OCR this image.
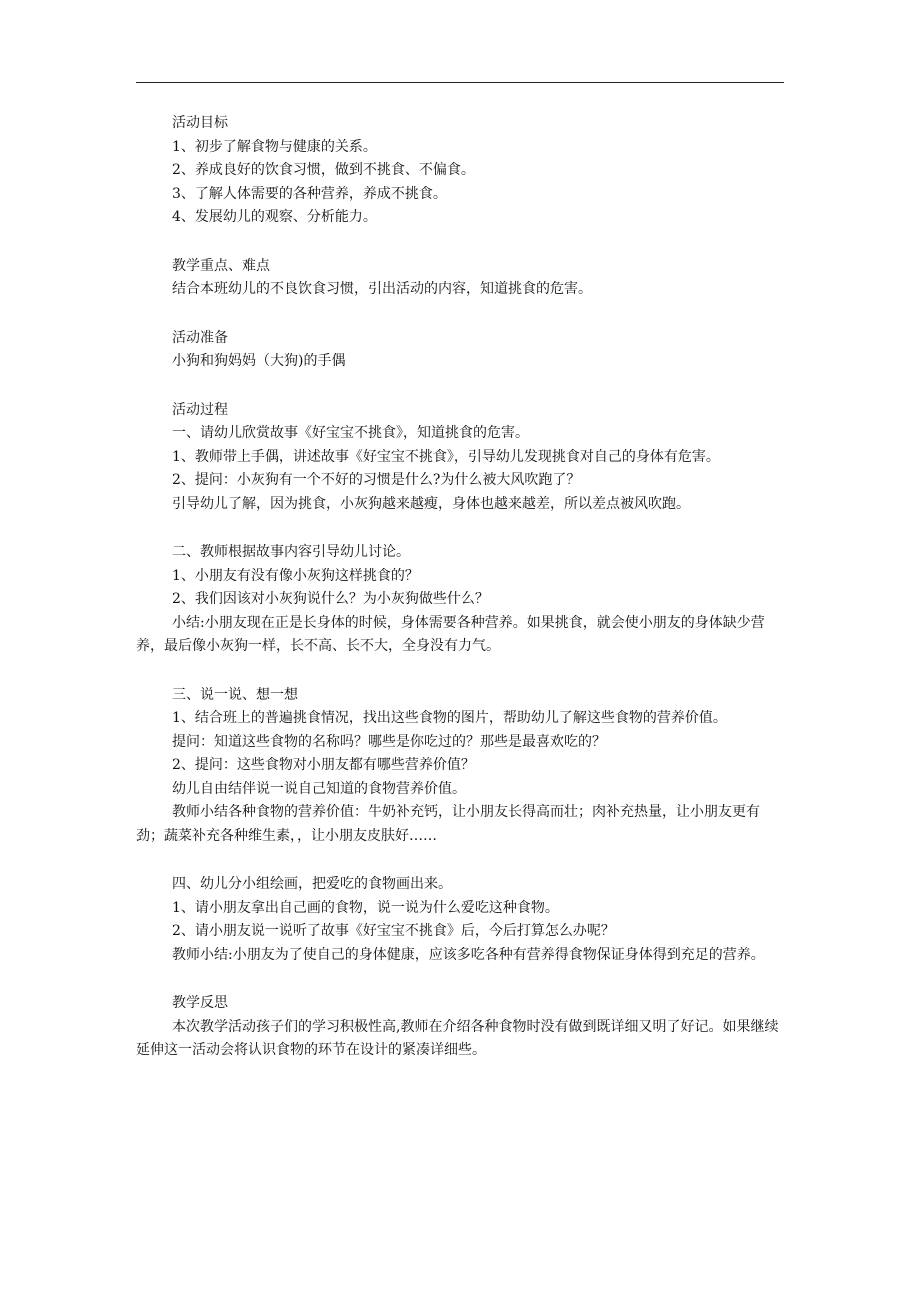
活动目标
1、初步了解食物与健康的关系。
2、养成良好的饮食习惯，做到不挑食、不偏食。
3、了解人体需要的各种营养，养成不挑食。
4、发展幼儿的观察、分析能力。
教学重点、难点
结合本班幼儿的不良饮食习惯，引出活动的内容，知道挑食的危害。
活动准备
小狗和狗妈妈（大狗)的手偶
活动过程
一、请幼儿欣赏故事《好宝宝不挑食》，知道挑食的危害。
1、教师带上手偶，讲述故事《好宝宝不挑食》，引导幼儿发现挑食对自己的身体有危害。
2、提问：小灰狗有一个不好的习惯是什么?为什么被大风吹跑了？
引导幼儿了解，因为挑食，小灰狗越来越瘦，身体也越来越差，所以差点被风吹跑。
二、教师根据故事内容引导幼儿讨论。
1、小朋友有没有像小灰狗这样挑食的？
2、我们因该对小灰狗说什么？为小灰狗做些什么？
小结:小朋友现在正是长身体的时候，身体需要各种营养。如果挑食，就会使小朋友的身体缺少营养，最后像小灰狗一样，长不高、长不大，全身没有力气。
三、说一说、想一想
1、结合班上的普遍挑食情况，找出这些食物的图片，帮助幼儿了解这些食物的营养价值。
提问：知道这些食物的名称吗？哪些是你吃过的？那些是最喜欢吃的？
2、提问：这些食物对小朋友都有哪些营养价值？
幼儿自由结伴说一说自己知道的食物营养价值。
教师小结各种食物的营养价值：牛奶补充钙，让小朋友长得高而壮；肉补充热量，让小朋友更有劲；蔬菜补充各种维生素，，让小朋友皮肤好……
四、幼儿分小组绘画，把爱吃的食物画出来。
1、请小朋友拿出自己画的食物，说一说为什么爱吃这种食物。
2、请小朋友说一说听了故事《好宝宝不挑食》后，今后打算怎么办呢？
教师小结:小朋友为了使自己的身体健康，应该多吃各种有营养得食物保证身体得到充足的营养。
教学反思
本次教学活动孩子们的学习积极性高,教师在介绍各种食物时没有做到既详细又明了好记。如果继续延伸这一活动会将认识食物的环节在设计的紧凑详细些。
